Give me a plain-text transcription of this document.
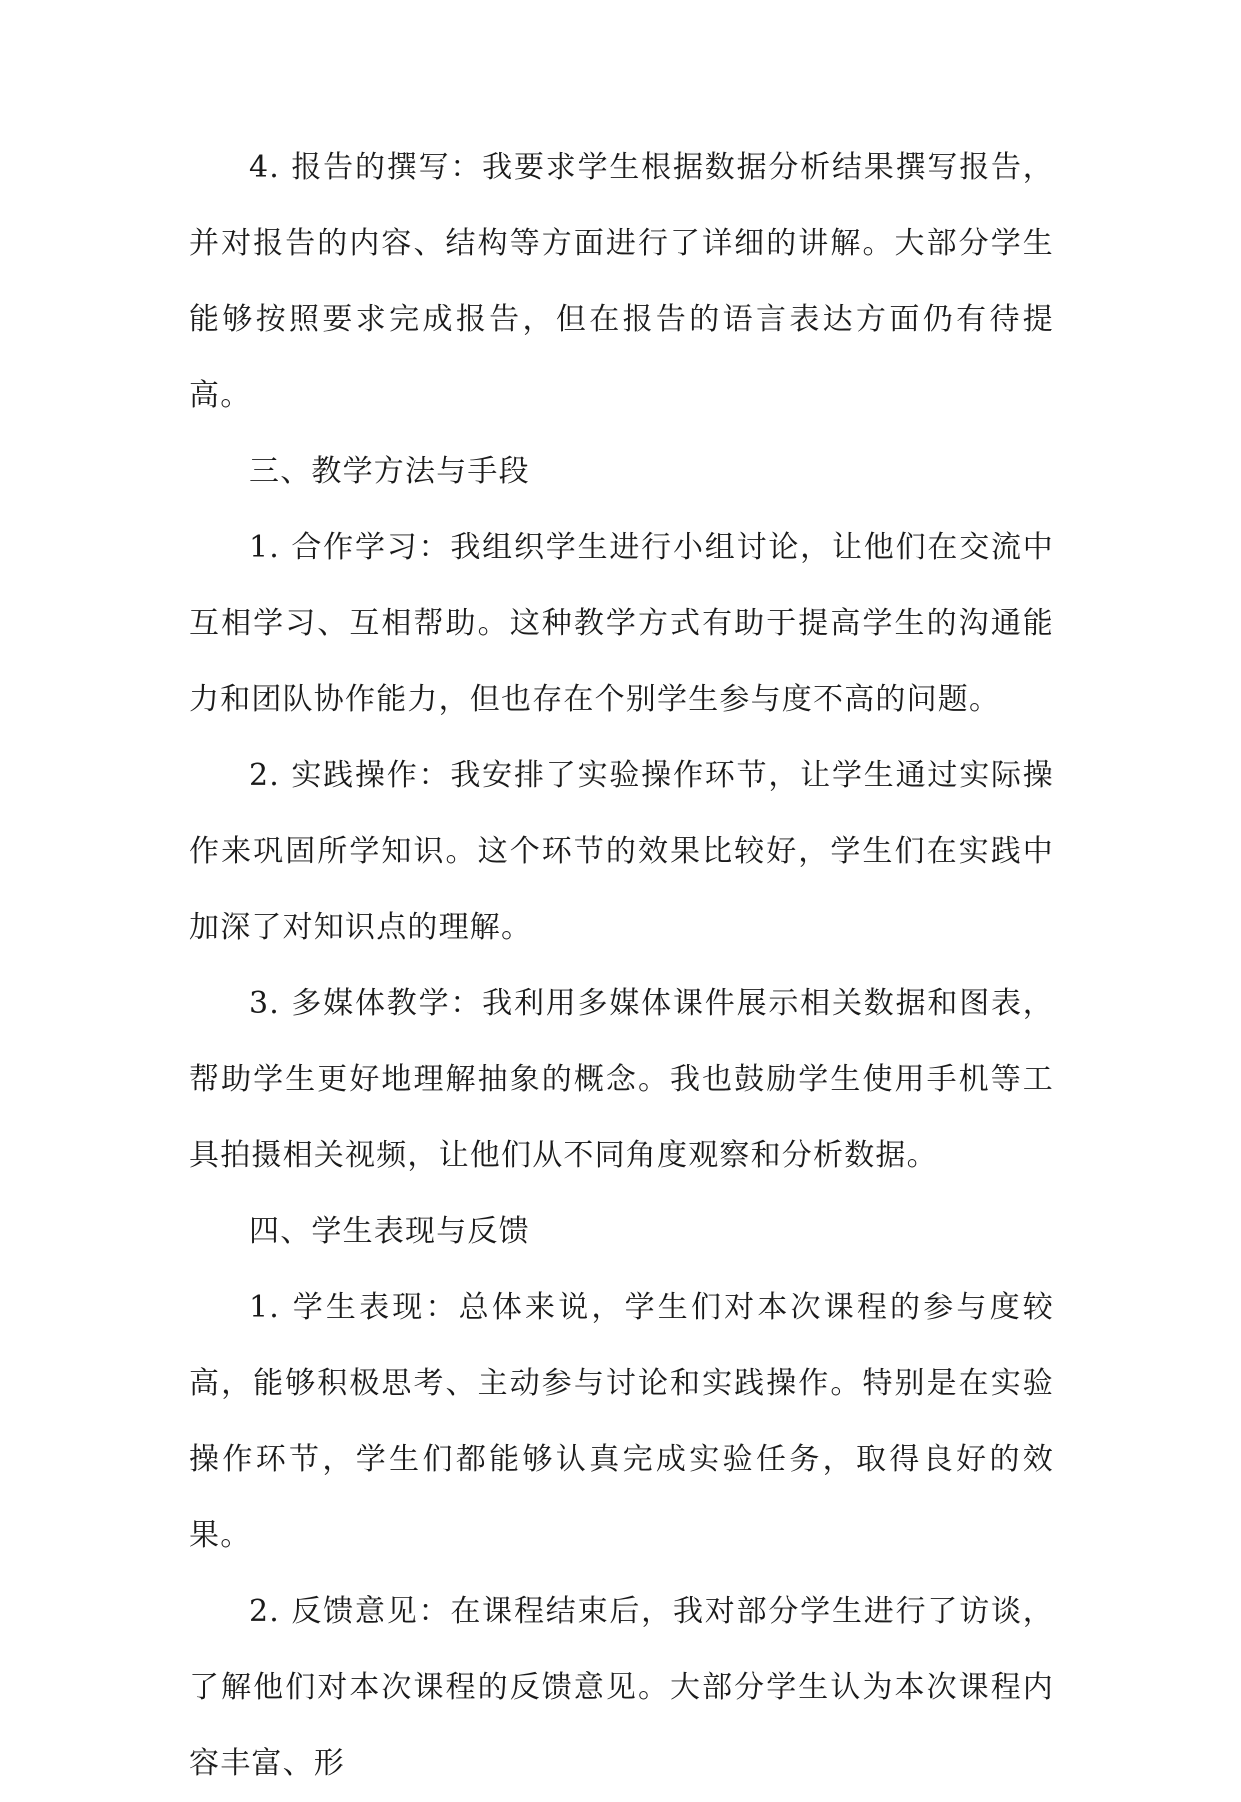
4. 报告的撰写：我要求学生根据数据分析结果撰写报告，并对报告的内容、结构等方面进行了详细的讲解。大部分学生能够按照要求完成报告，但在报告的语言表达方面仍有待提高。

三、教学方法与手段

1. 合作学习：我组织学生进行小组讨论，让他们在交流中互相学习、互相帮助。这种教学方式有助于提高学生的沟通能力和团队协作能力，但也存在个别学生参与度不高的问题。

2. 实践操作：我安排了实验操作环节，让学生通过实际操作来巩固所学知识。这个环节的效果比较好，学生们在实践中加深了对知识点的理解。

3. 多媒体教学：我利用多媒体课件展示相关数据和图表，帮助学生更好地理解抽象的概念。我也鼓励学生使用手机等工具拍摄相关视频，让他们从不同角度观察和分析数据。

四、学生表现与反馈

1. 学生表现：总体来说，学生们对本次课程的参与度较高，能够积极思考、主动参与讨论和实践操作。特别是在实验操作环节，学生们都能够认真完成实验任务，取得良好的效果。

2. 反馈意见：在课程结束后，我对部分学生进行了访谈，了解他们对本次课程的反馈意见。大部分学生认为本次课程内容丰富、形
